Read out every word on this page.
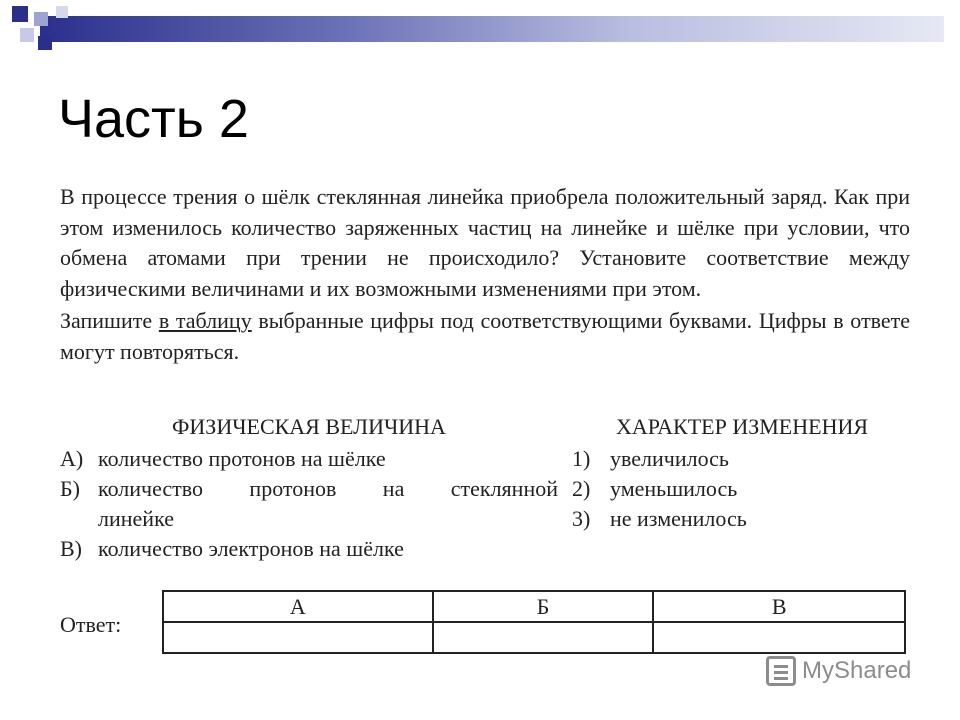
Часть 2

В процессе трения о шёлк стеклянная линейка приобрела положительный заряд. Как при этом изменилось количество заряженных частиц на линейке и шёлке при условии, что обмена атомами при трении не происходило? Установите соответствие между физическими величинами и их возможными изменениями при этом.

Запишите в таблицу выбранные цифры под соответствующими буквами. Цифры в ответе могут повторяться.

ФИЗИЧЕСКАЯ ВЕЛИЧИНА
А) количество протонов на шёлке
Б) количество протонов на стеклянной
линейке
В) количество электронов на шёлке
ХАРАКТЕР ИЗМЕНЕНИЯ
1) увеличилось
2) уменьшилось
3) не изменилось
Ответ:
А	Б	В

MyShared
